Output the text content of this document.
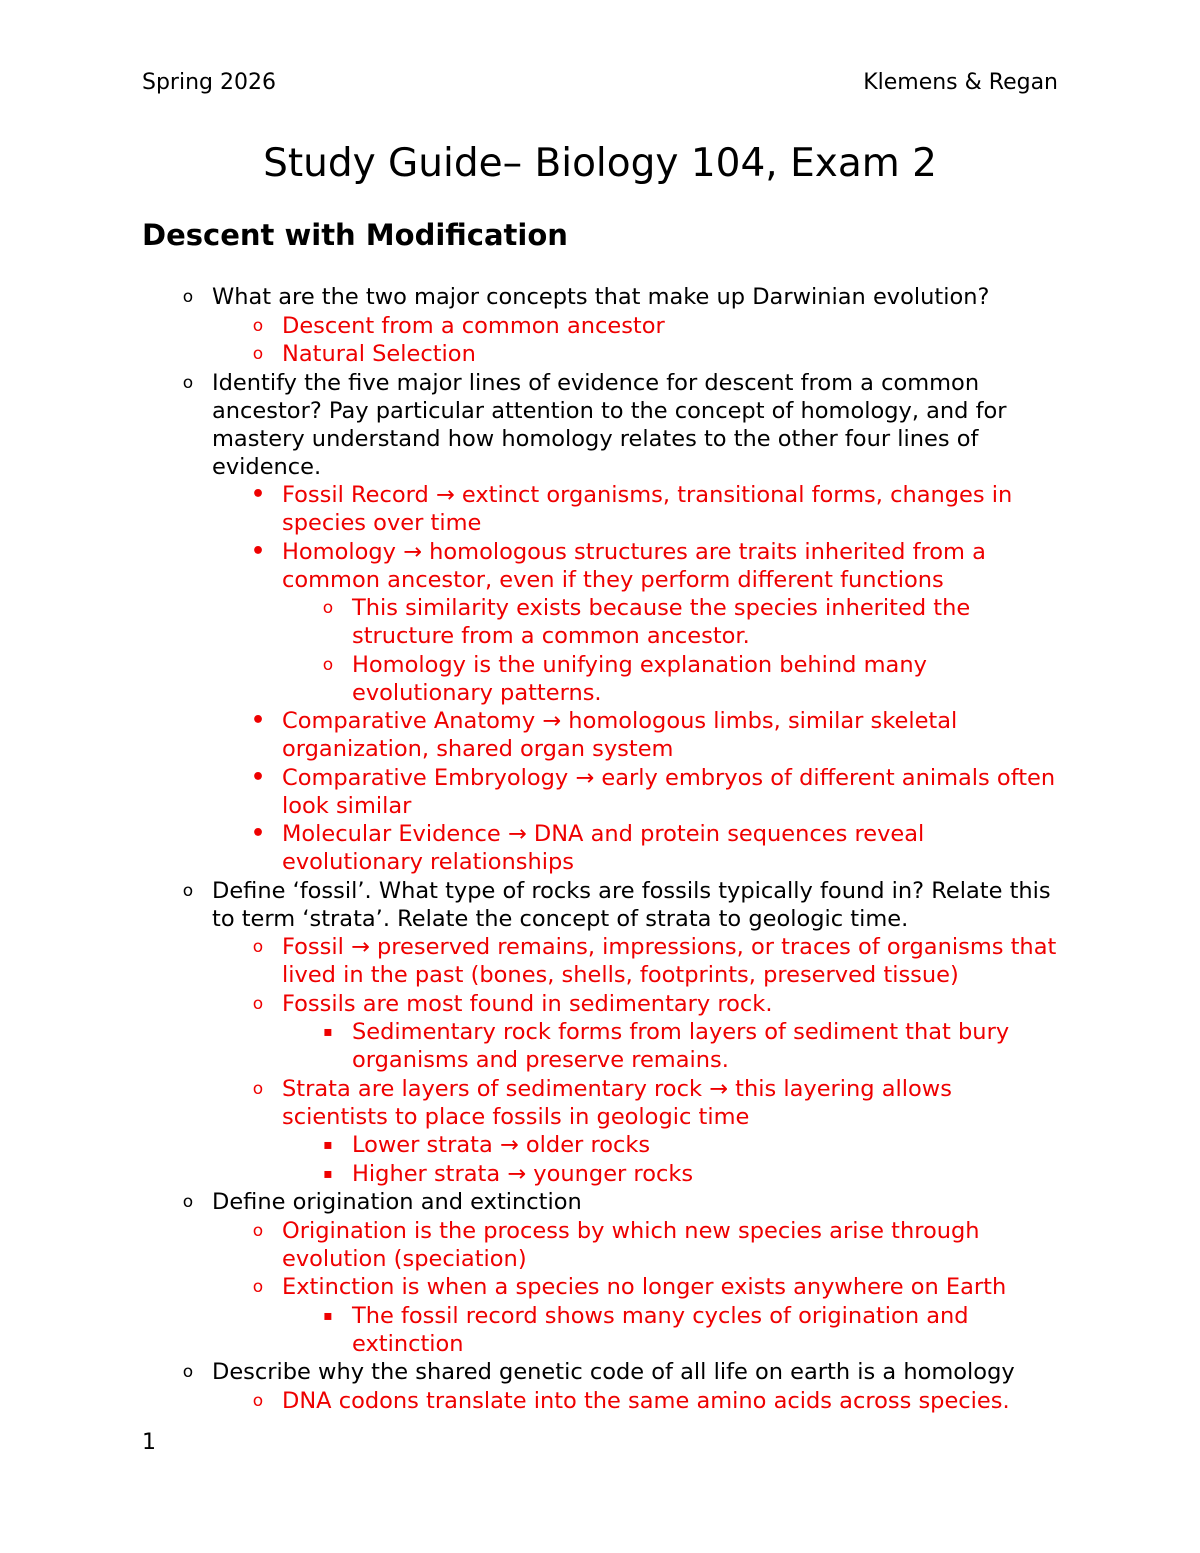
Spring 2026	Klemens & Regan
Study Guide– Biology 104, Exam 2
Descent with Modification
o What are the two major concepts that make up Darwinian evolution?
o Descent from a common ancestor
o Natural Selection
o Identify the five major lines of evidence for descent from a common ancestor? Pay particular attention to the concept of homology, and for mastery understand how homology relates to the other four lines of evidence.
• Fossil Record → extinct organisms, transitional forms, changes in species over time
• Homology → homologous structures are traits inherited from a common ancestor, even if they perform different functions
o This similarity exists because the species inherited the structure from a common ancestor.
o Homology is the unifying explanation behind many evolutionary patterns.
• Comparative Anatomy → homologous limbs, similar skeletal organization, shared organ system
• Comparative Embryology → early embryos of different animals often look similar
• Molecular Evidence → DNA and protein sequences reveal evolutionary relationships
o Define ‘fossil’. What type of rocks are fossils typically found in? Relate this to term ‘strata’. Relate the concept of strata to geologic time.
o Fossil → preserved remains, impressions, or traces of organisms that lived in the past (bones, shells, footprints, preserved tissue)
o Fossils are most found in sedimentary rock.
▪ Sedimentary rock forms from layers of sediment that bury organisms and preserve remains.
o Strata are layers of sedimentary rock → this layering allows scientists to place fossils in geologic time
▪ Lower strata → older rocks
▪ Higher strata → younger rocks
o Define origination and extinction
o Origination is the process by which new species arise through evolution (speciation)
o Extinction is when a species no longer exists anywhere on Earth
▪ The fossil record shows many cycles of origination and extinction
o Describe why the shared genetic code of all life on earth is a homology
o DNA codons translate into the same amino acids across species.
1
